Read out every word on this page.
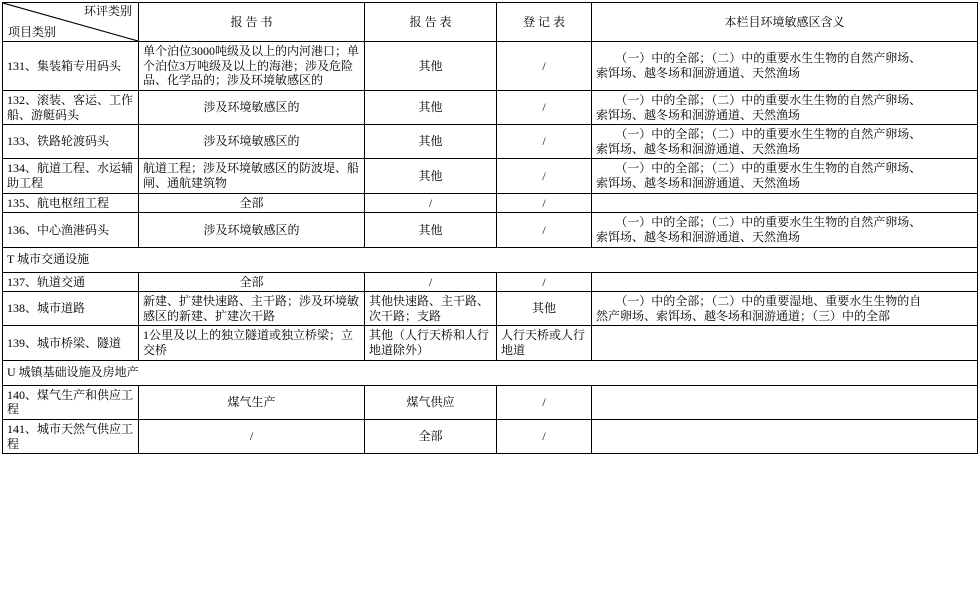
环评类别
项目类别	报 告 书	报 告 表	登 记 表	本栏目环境敏感区含义
131、集装箱专用码头	单个泊位3000吨级及以上的内河港口；单个泊位3万吨级及以上的海港；涉及危险品、化学品的；涉及环境敏感区的	其他	/	（一）中的全部；（二）中的重要水生生物的自然产卵场、
索饵场、越冬场和洄游通道、天然渔场

132、滚装、客运、工作船、游艇码头	涉及环境敏感区的	其他	/	（一）中的全部；（二）中的重要水生生物的自然产卵场、
索饵场、越冬场和洄游通道、天然渔场

133、铁路轮渡码头	涉及环境敏感区的	其他	/	（一）中的全部；（二）中的重要水生生物的自然产卵场、
索饵场、越冬场和洄游通道、天然渔场

134、航道工程、水运辅助工程	航道工程；涉及环境敏感区的防波堤、船闸、通航建筑物	其他	/	（一）中的全部；（二）中的重要水生生物的自然产卵场、
索饵场、越冬场和洄游通道、天然渔场

135、航电枢纽工程	全部	/	/	
136、中心渔港码头	涉及环境敏感区的	其他	/	（一）中的全部；（二）中的重要水生生物的自然产卵场、
索饵场、越冬场和洄游通道、天然渔场

T 城市交通设施				
137、轨道交通	全部	/	/	
138、城市道路	新建、扩建快速路、主干路；涉及环境敏感区的新建、扩建次干路	其他快速路、主干路、次干路；支路	其他	（一）中的全部；（二）中的重要湿地、重要水生生物的自
然产卵场、索饵场、越冬场和洄游通道；（三）中的全部

139、城市桥梁、隧道	1公里及以上的独立隧道或独立桥梁；立交桥	其他（人行天桥和人行地道除外）	人行天桥或人行地道	
U 城镇基础设施及房地产				
140、煤气生产和供应工程	煤气生产	煤气供应	/	
141、城市天然气供应工程	/	全部	/	
